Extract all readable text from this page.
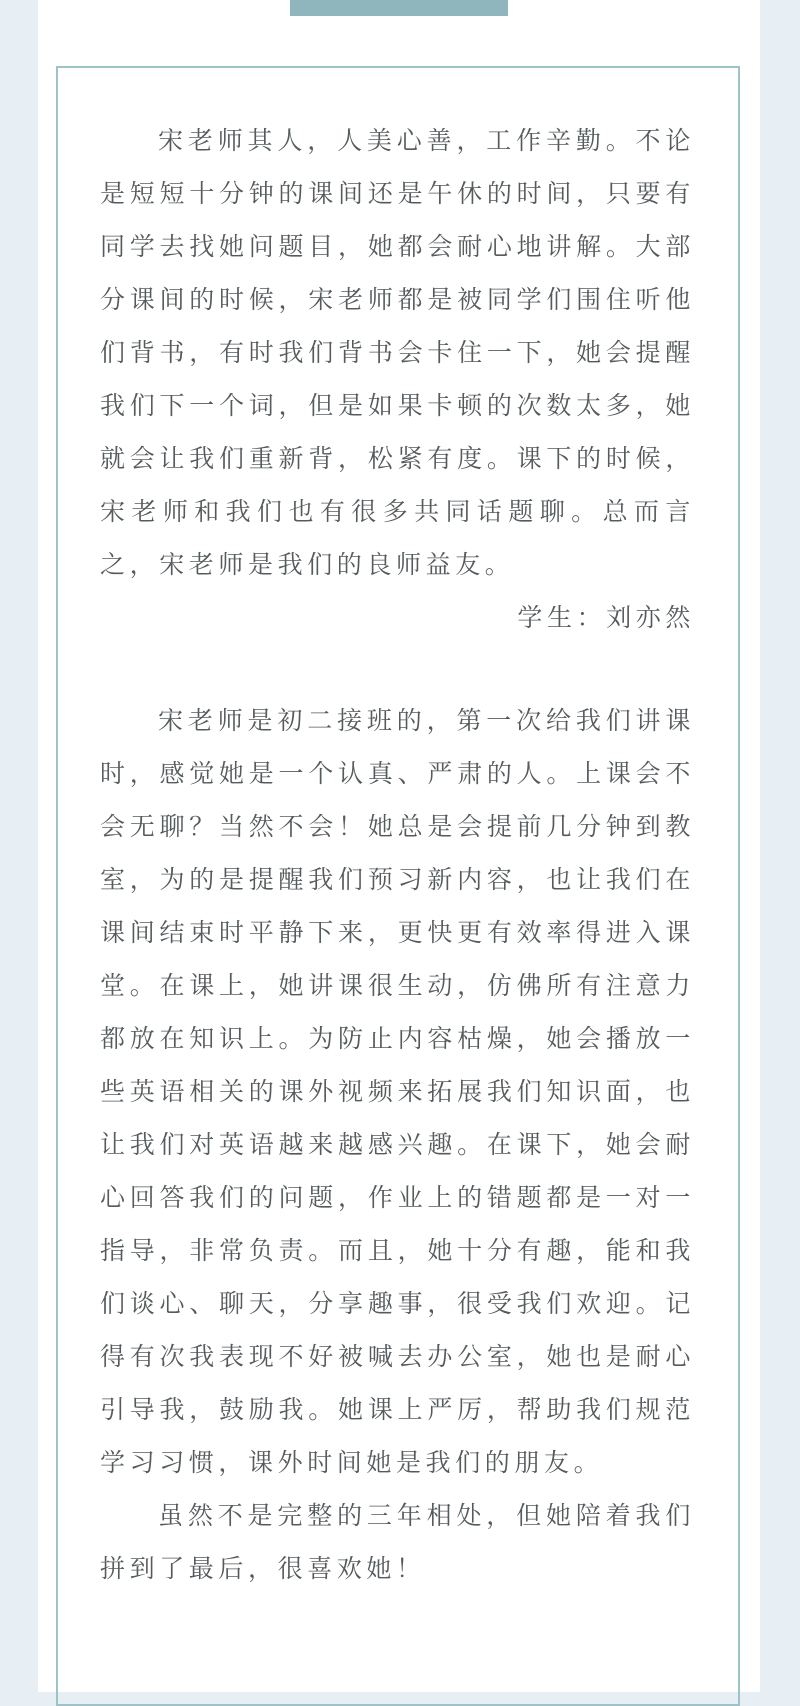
宋老师其人，人美心善，工作辛勤。不论是短短十分钟的课间还是午休的时间，只要有同学去找她问题目，她都会耐心地讲解。大部分课间的时候，宋老师都是被同学们围住听他们背书，有时我们背书会卡住一下，她会提醒我们下一个词，但是如果卡顿的次数太多，她就会让我们重新背，松紧有度。课下的时候，宋老师和我们也有很多共同话题聊。总而言之，宋老师是我们的良师益友。

学生：刘亦然

宋老师是初二接班的，第一次给我们讲课时，感觉她是一个认真、严肃的人。上课会不会无聊？当然不会！她总是会提前几分钟到教室，为的是提醒我们预习新内容，也让我们在课间结束时平静下来，更快更有效率得进入课堂。在课上，她讲课很生动，仿佛所有注意力都放在知识上。为防止内容枯燥，她会播放一些英语相关的课外视频来拓展我们知识面，也让我们对英语越来越感兴趣。在课下，她会耐心回答我们的问题，作业上的错题都是一对一指导，非常负责。而且，她十分有趣，能和我们谈心、聊天，分享趣事，很受我们欢迎。记得有次我表现不好被喊去办公室，她也是耐心引导我，鼓励我。她课上严厉，帮助我们规范学习习惯，课外时间她是我们的朋友。

虽然不是完整的三年相处，但她陪着我们拼到了最后，很喜欢她！
